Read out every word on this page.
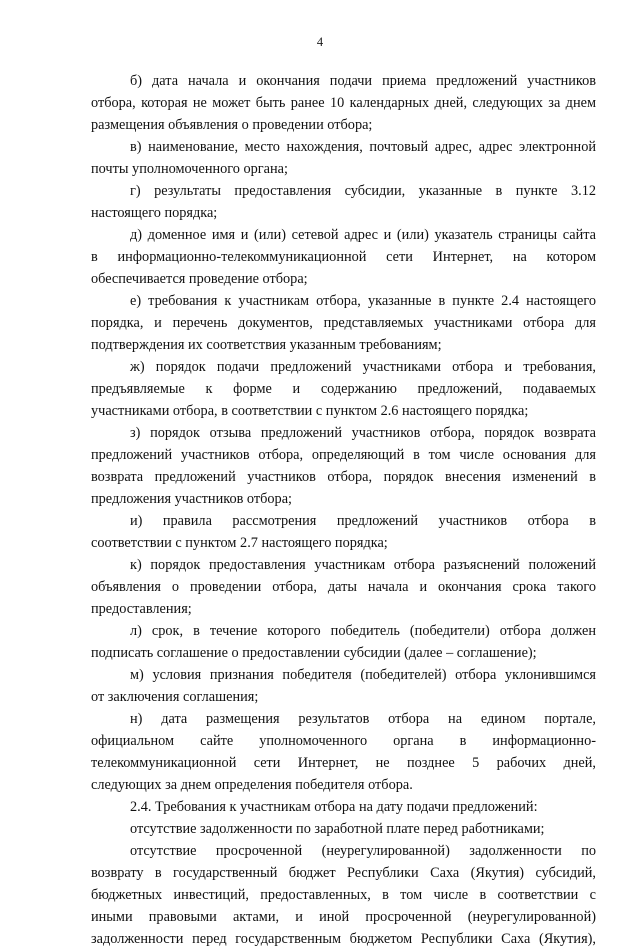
4
б) дата начала и окончания подачи приема предложений участников
отбора, которая не может быть ранее 10 календарных дней, следующих за днем
размещения объявления о проведении отбора;
в) наименование, место нахождения, почтовый адрес, адрес электронной
почты уполномоченного органа;
г) результаты предоставления субсидии, указанные в пункте 3.12
настоящего порядка;
д) доменное имя и (или) сетевой адрес и (или) указатель страницы сайта
в информационно-телекоммуникационной сети Интернет, на котором
обеспечивается проведение отбора;
е) требования к участникам отбора, указанные в пункте 2.4 настоящего
порядка, и перечень документов, представляемых участниками отбора для
подтверждения их соответствия указанным требованиям;
ж) порядок подачи предложений участниками отбора и требования,
предъявляемые к форме и содержанию предложений, подаваемых
участниками отбора, в соответствии с пунктом 2.6 настоящего порядка;
з) порядок отзыва предложений участников отбора, порядок возврата
предложений участников отбора, определяющий в том числе основания для
возврата предложений участников отбора, порядок внесения изменений в
предложения участников отбора;
и) правила рассмотрения предложений участников отбора в
соответствии с пунктом 2.7 настоящего порядка;
к) порядок предоставления участникам отбора разъяснений положений
объявления о проведении отбора, даты начала и окончания срока такого
предоставления;
л) срок, в течение которого победитель (победители) отбора должен
подписать соглашение о предоставлении субсидии (далее – соглашение);
м) условия признания победителя (победителей) отбора уклонившимся
от заключения соглашения;
н) дата размещения результатов отбора на едином портале,
официальном сайте уполномоченного органа в информационно-
телекоммуникационной сети Интернет, не позднее 5 рабочих дней,
следующих за днем определения победителя отбора.
2.4. Требования к участникам отбора на дату подачи предложений:
отсутствие задолженности по заработной плате перед работниками;
отсутствие просроченной (неурегулированной) задолженности по
возврату в государственный бюджет Республики Саха (Якутия) субсидий,
бюджетных инвестиций, предоставленных, в том числе в соответствии с
иными правовыми актами, и иной просроченной (неурегулированной)
задолженности перед государственным бюджетом Республики Саха (Якутия),
